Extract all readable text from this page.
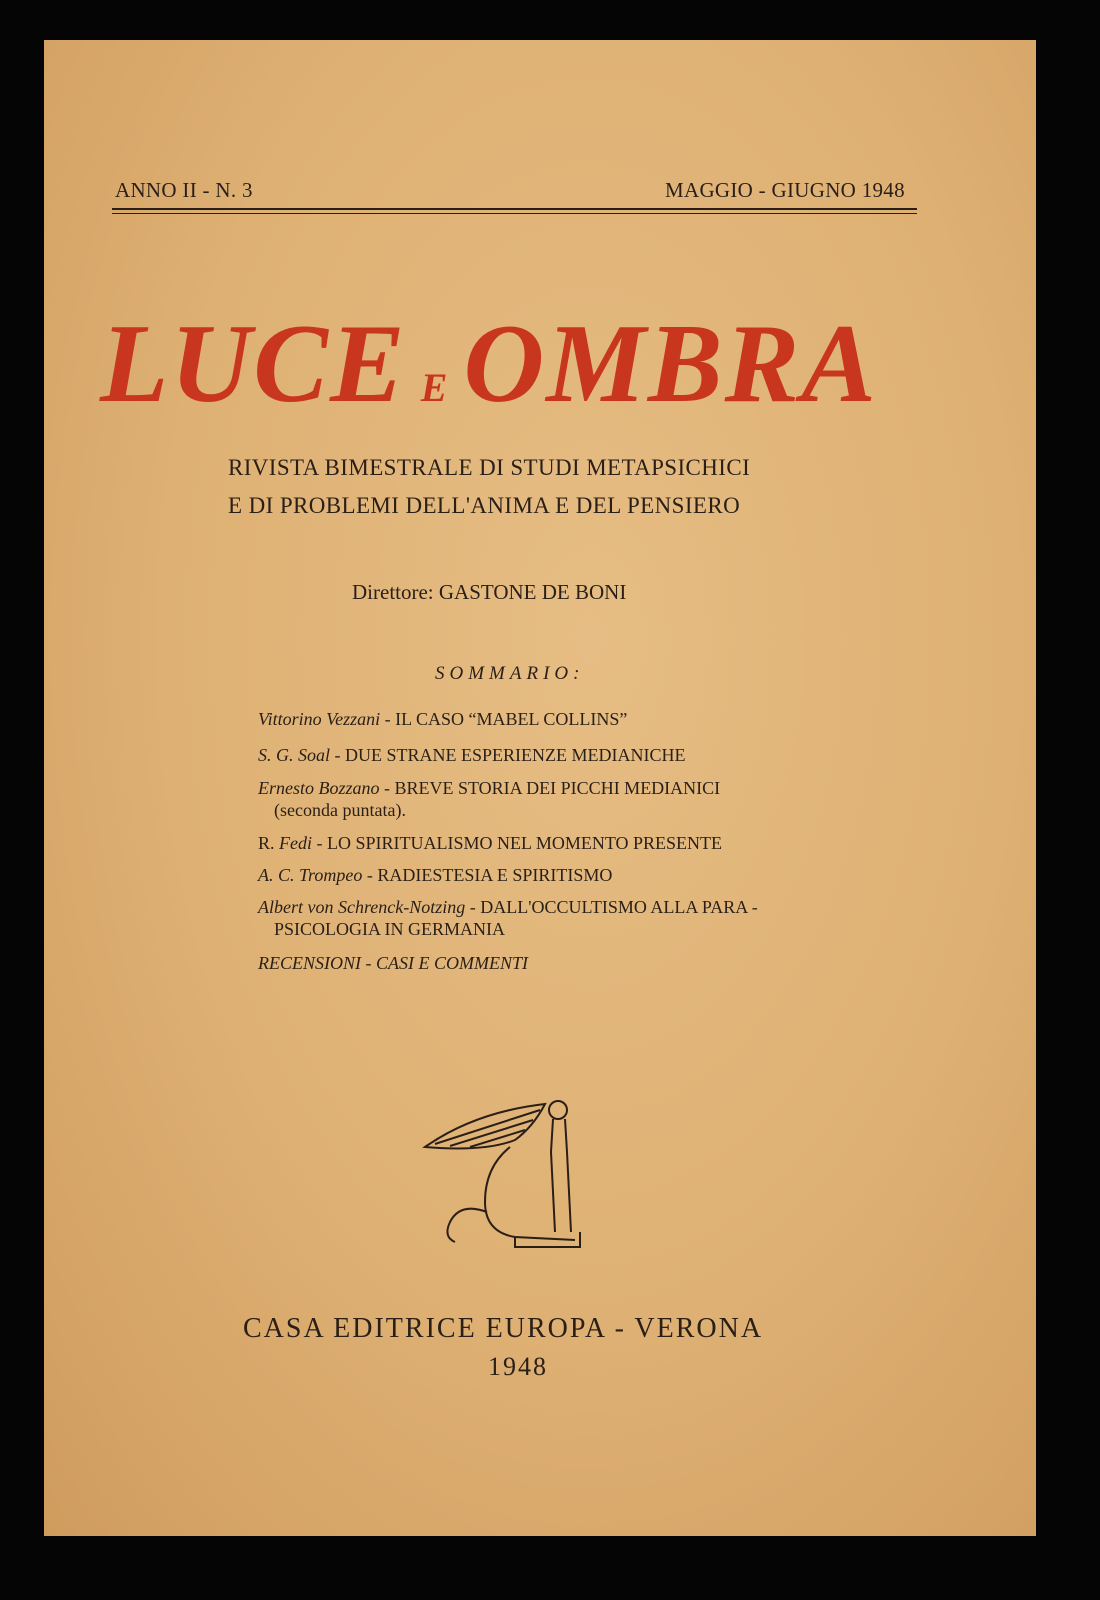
ANNO II - N. 3	MAGGIO - GIUGNO 1948
LUCE E OMBRA
RIVISTA BIMESTRALE DI STUDI METAPSICHICI
E DI PROBLEMI DELL'ANIMA E DEL PENSIERO
Direttore: GASTONE DE BONI
SOMMARIO:
Vittorino Vezzani - IL CASO “MABEL COLLINS”
S. G. Soal - DUE STRANE ESPERIENZE MEDIANICHE
Ernesto Bozzano - BREVE STORIA DEI PICCHI MEDIANICI
(seconda puntata).
R. Fedi - LO SPIRITUALISMO NEL MOMENTO PRESENTE
A. C. Trompeo - RADIESTESIA E SPIRITISMO
Albert von Schrenck-Notzing - DALL'OCCULTISMO ALLA PARA -
PSICOLOGIA IN GERMANIA
RECENSIONI - CASI E COMMENTI
CASA EDITRICE EUROPA - VERONA
1948
